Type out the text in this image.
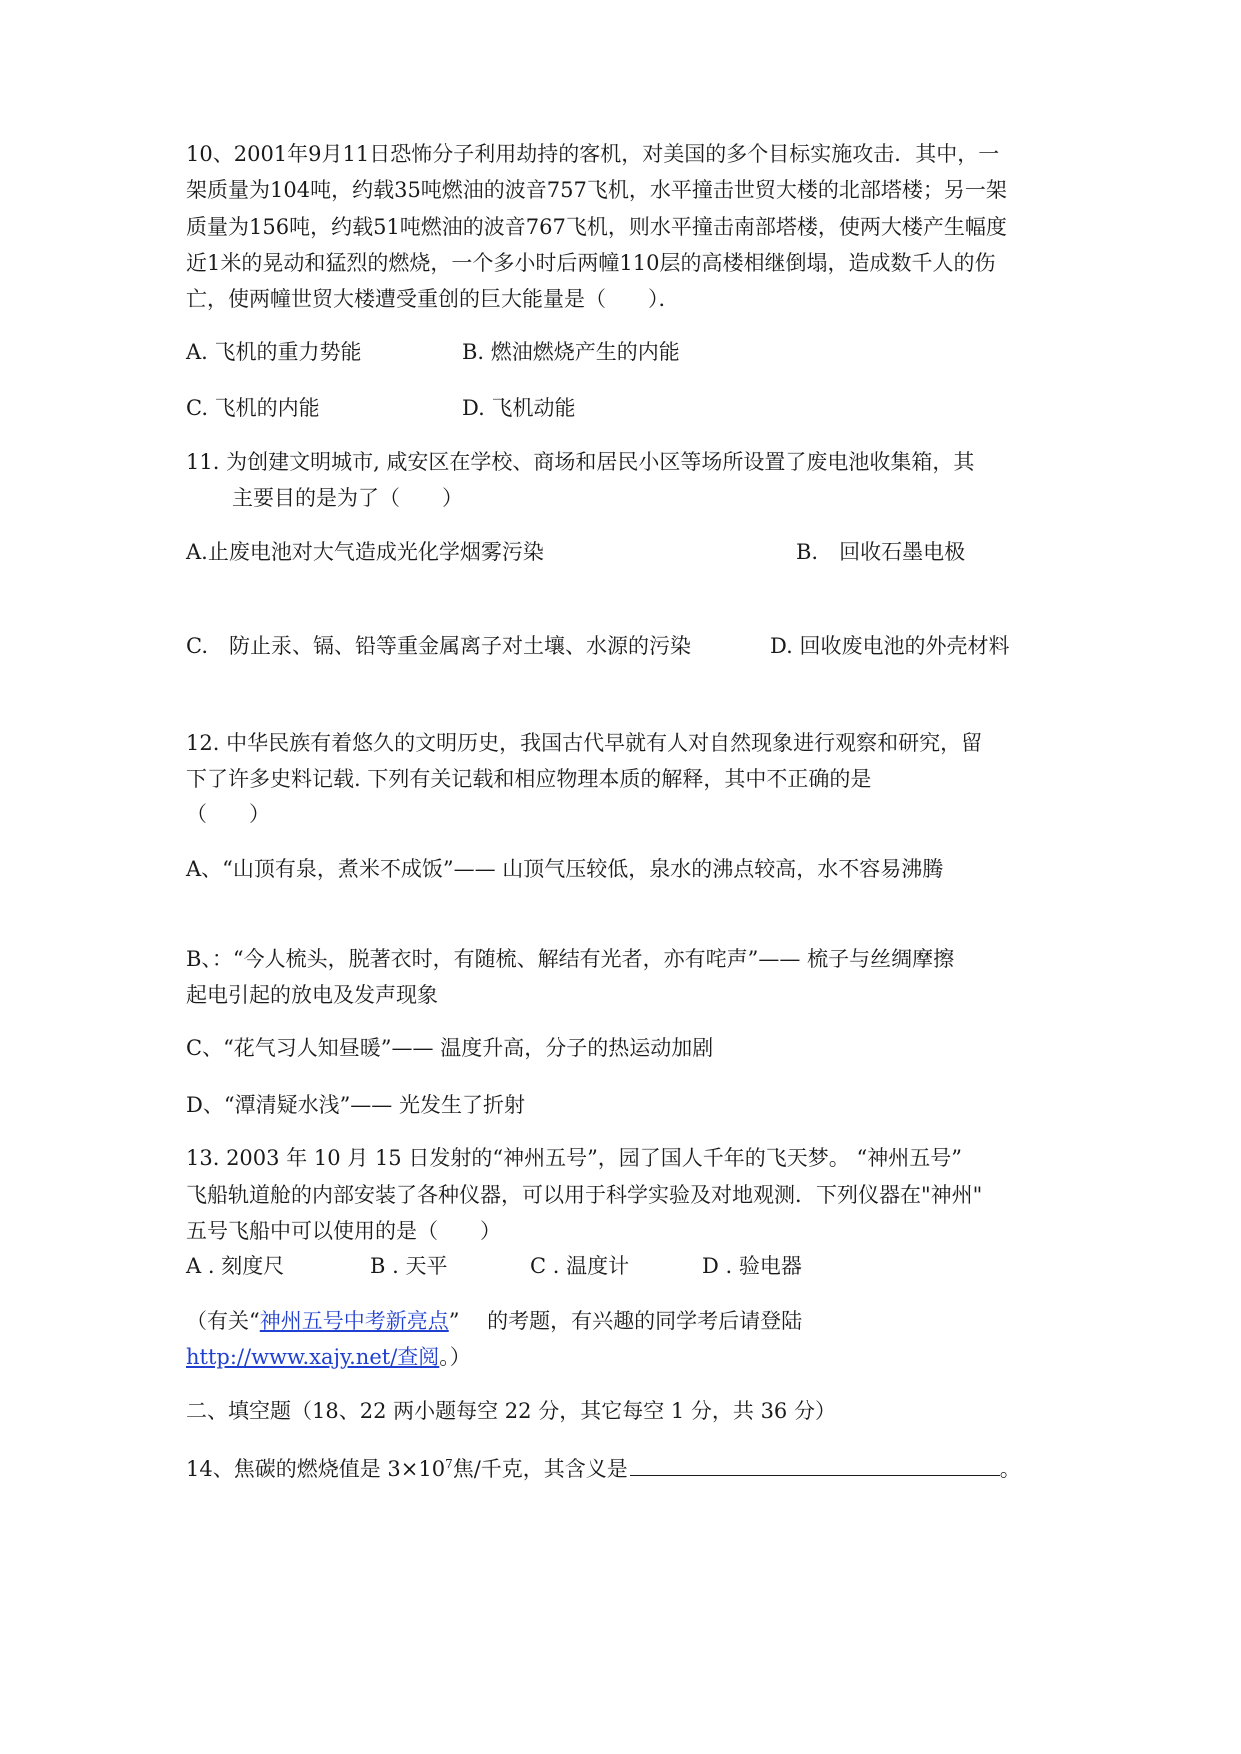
10、2001年9月11日恐怖分子利用劫持的客机，对美国的多个目标实施攻击．其中，一
架质量为104吨，约载35吨燃油的波音757飞机，水平撞击世贸大楼的北部塔楼；另一架
质量为156吨，约载51吨燃油的波音767飞机，则水平撞击南部塔楼，使两大楼产生幅度
近1米的晃动和猛烈的燃烧，一个多小时后两幢110层的高楼相继倒塌，造成数千人的伤
亡，使两幢世贸大楼遭受重创的巨大能量是（　　）．
A. 飞机的重力势能	B. 燃油燃烧产生的内能
C. 飞机的内能	D. 飞机动能
11. 为创建文明城市, 咸安区在学校、商场和居民小区等场所设置了废电池收集箱，其
主要目的是为了（　　）
A.止废电池对大气造成光化学烟雾污染	B.　回收石墨电极
C.　防止汞、镉、铅等重金属离子对土壤、水源的污染	D. 回收废电池的外壳材料
12. 中华民族有着悠久的文明历史，我国古代早就有人对自然现象进行观察和研究，留
下了许多史料记载. 下列有关记载和相应物理本质的解释，其中不正确的是
（　　）
A、“山顶有泉，煮米不成饭”—— 山顶气压较低，泉水的沸点较高，水不容易沸腾
B、：“今人梳头，脱著衣时，有随梳、解结有光者，亦有咤声”—— 梳子与丝绸摩擦
起电引起的放电及发声现象
C、“花气习人知昼暖”—— 温度升高，分子的热运动加剧
D、“潭清疑水浅”—— 光发生了折射
13. 2003 年 10 月 15 日发射的“神州五号”，园了国人千年的飞天梦。 “神州五号”
飞船轨道舱的内部安装了各种仪器，可以用于科学实验及对地观测．下列仪器在"神州"
五号飞船中可以使用的是（　　）
A . 刻度尺	B . 天平	C . 温度计	D . 验电器
（有关“神州五号中考新亮点”　 的考题，有兴趣的同学考后请登陆
http://www.xajy.net/查阅。）
二、填空题（18、22 两小题每空 22 分，其它每空 1 分，共 36 分）
14、焦碳的燃烧值是 $3\times 10^7$焦/千克，其含义是	。
